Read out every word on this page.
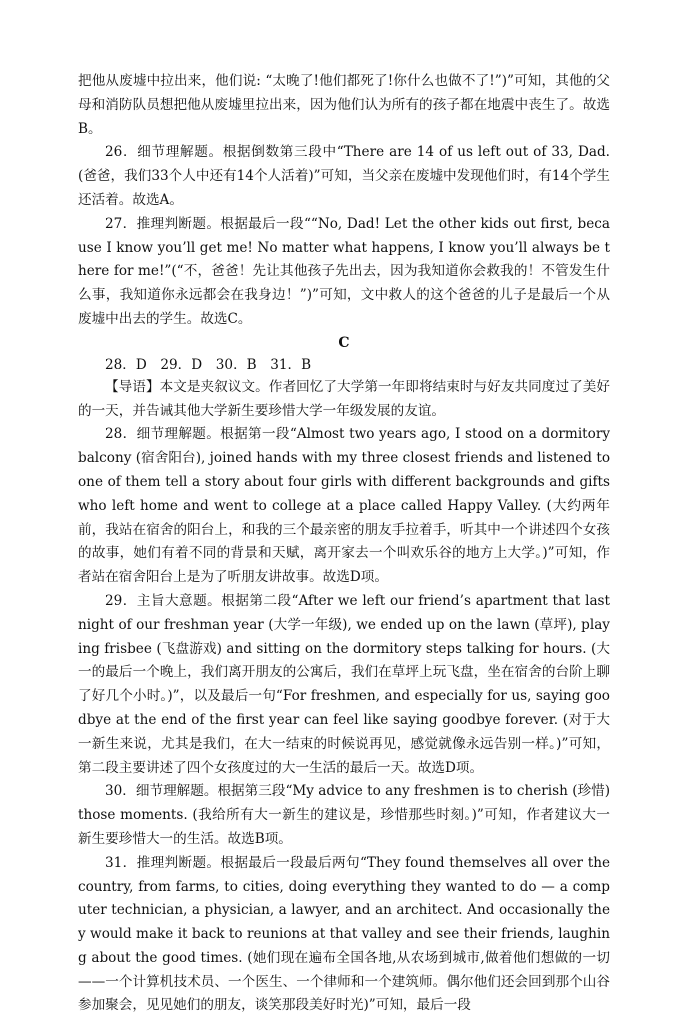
把他从废墟中拉出来，他们说: “太晚了!他们都死了!你什么也做不了!”)”可知，其他的父母和消防队员想把他从废墟里拉出来，因为他们认为所有的孩子都在地震中丧生了。故选B。

26．细节理解题。根据倒数第三段中“There are 14 of us left out of 33, Dad.(爸爸，我们33个人中还有14个人活着)”可知，当父亲在废墟中发现他们时，有14个学生还活着。故选A。

27．推理判断题。根据最后一段““No, Dad! Let the other kids out first, because I know you’ll get me! No matter what happens, I know you’ll always be there for me!”(“不，爸爸！先让其他孩子先出去，因为我知道你会救我的！不管发生什么事，我知道你永远都会在我身边！”)”可知，文中救人的这个爸爸的儿子是最后一个从废墟中出去的学生。故选C。

C

28．D　29．D　30．B　31．B

【导语】本文是夹叙议文。作者回忆了大学第一年即将结束时与好友共同度过了美好的一天，并告诫其他大学新生要珍惜大学一年级发展的友谊。

28．细节理解题。根据第一段“Almost two years ago, I stood on a dormitory balcony (宿舍阳台), joined hands with my three closest friends and listened to one of them tell a story about four girls with different backgrounds and gifts who left home and went to college at a place called Happy Valley. (大约两年前，我站在宿舍的阳台上，和我的三个最亲密的朋友手拉着手，听其中一个讲述四个女孩的故事，她们有着不同的背景和天赋，离开家去一个叫欢乐谷的地方上大学。)”可知，作者站在宿舍阳台上是为了听朋友讲故事。故选D项。

29．主旨大意题。根据第二段“After we left our friend’s apartment that last night of our freshman year (大学一年级), we ended up on the lawn (草坪), playing frisbee (飞盘游戏) and sitting on the dormitory steps talking for hours. (大一的最后一个晚上，我们离开朋友的公寓后，我们在草坪上玩飞盘，坐在宿舍的台阶上聊了好几个小时。)”，以及最后一句“For freshmen, and especially for us, saying goodbye at the end of the first year can feel like saying goodbye forever. (对于大一新生来说，尤其是我们，在大一结束的时候说再见，感觉就像永远告别一样。)”可知，第二段主要讲述了四个女孩度过的大一生活的最后一天。故选D项。

30．细节理解题。根据第三段“My advice to any freshmen is to cherish (珍惜) those moments. (我给所有大一新生的建议是，珍惜那些时刻。)”可知，作者建议大一新生要珍惜大一的生活。故选B项。

31．推理判断题。根据最后一段最后两句“They found themselves all over the country, from farms, to cities, doing everything they wanted to do — a computer technician, a physician, a lawyer, and an architect. And occasionally they would make it back to reunions at that valley and see their friends, laughing about the good times. (她们现在遍布全国各地,从农场到城市,做着他们想做的一切——一个计算机技术员、一个医生、一个律师和一个建筑师。偶尔他们还会回到那个山谷参加聚会，见见她们的朋友，谈笑那段美好时光)”可知，最后一段
